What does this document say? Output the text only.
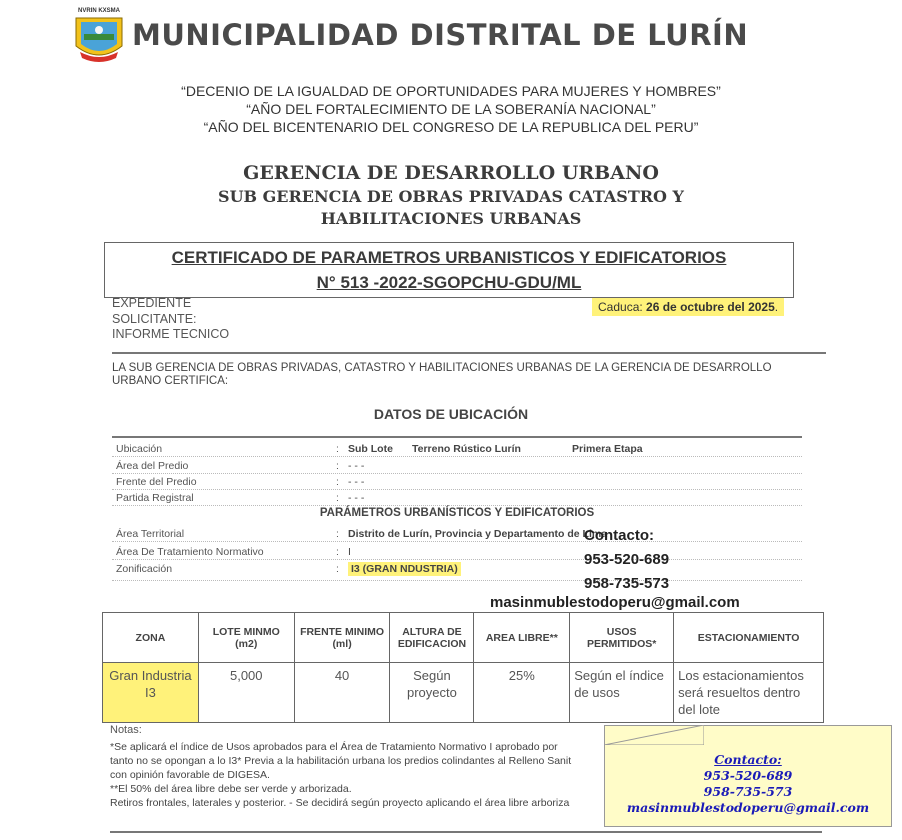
NVRIN KXSMA
MUNICIPALIDAD DISTRITAL DE LURÍN
“DECENIO DE LA IGUALDAD DE OPORTUNIDADES PARA MUJERES Y HOMBRES”
“AÑO DEL FORTALECIMIENTO DE LA SOBERANÍA NACIONAL”
“AÑO DEL BICENTENARIO DEL CONGRESO DE LA REPUBLICA DEL PERU”
GERENCIA DE DESARROLLO URBANO
SUB GERENCIA DE OBRAS PRIVADAS CATASTRO Y
HABILITACIONES URBANAS
CERTIFICADO DE PARAMETROS URBANISTICOS Y EDIFICATORIOS
N° 513 -2022-SGOPCHU-GDU/ML
EXPEDIENTE
SOLICITANTE:
INFORME TECNICO
Caduca: 26 de octubre del 2025.
LA SUB GERENCIA DE OBRAS PRIVADAS, CATASTRO Y HABILITACIONES URBANAS DE LA GERENCIA DE DESARROLLO URBANO CERTIFICA:
DATOS DE UBICACIÓN
Ubicación	: Sub Lote Terreno Rústico Lurín	Primera Etapa
Área del Predio	: - - -
Frente del Predio	: - - -
Partida Registral	: - - -
PARÁMETROS URBANÍSTICOS Y EDIFICATORIOS
Área Territorial	: Distrito de Lurín, Provincia y Departamento de Lima
Área De Tratamiento Normativo	: I
Zonificación	: I3 (GRAN NDUSTRIA)
Contacto:
953-520-689
958-735-573
masinmublestodoperu@gmail.com
ZONA	LOTE MINMO (m2)	FRENTE MINIMO (ml)	ALTURA DE EDIFICACION	AREA LIBRE**	USOS PERMITIDOS*	ESTACIONAMIENTO
Gran Industria I3	5,000	40	Según proyecto	25%	Según el índice de usos	Los estacionamientos será resueltos dentro del lote
Notas:
*Se aplicará el índice de Usos aprobados para el Área de Tratamiento Normativo I aprobado por
tanto no se opongan a lo I3* Previa a la habilitación urbana los predios colindantes al Relleno Sanit
con opinión favorable de DIGESA.
**El 50% del área libre debe ser verde y arborizada.
Retiros frontales, laterales y posterior. - Se decidirá según proyecto aplicando el área libre arboriza
Contacto:
953-520-689
958-735-573
masinmublestodoperu@gmail.com
